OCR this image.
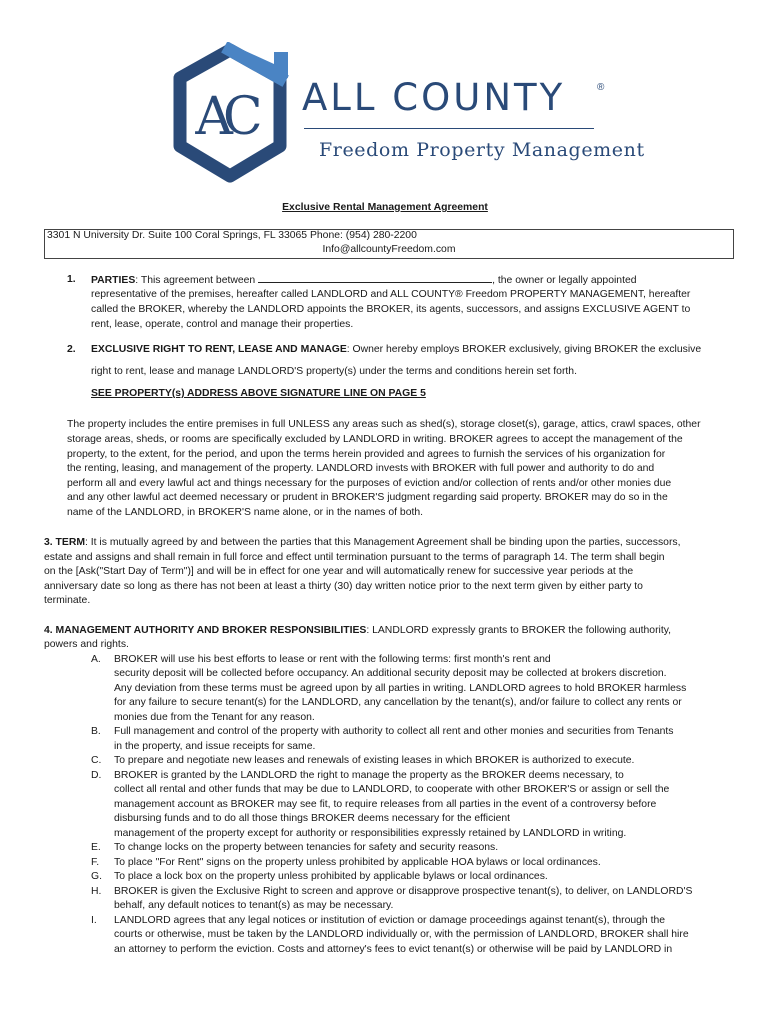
AC ALL COUNTY	®
Freedom Property Management
Exclusive Rental Management Agreement
3301 N University Dr. Suite 100 Coral Springs, FL 33065 Phone: (954) 280-2200
Info@allcountyFreedom.com
1. PARTIES: This agreement between	, the owner or legally appointed
representative of the premises, hereafter called LANDLORD and ALL COUNTY® Freedom PROPERTY MANAGEMENT, hereafter
called the BROKER, whereby the LANDLORD appoints the BROKER, its agents, successors, and assigns EXCLUSIVE AGENT to
rent, lease, operate, control and manage their properties.
2. EXCLUSIVE RIGHT TO RENT, LEASE AND MANAGE: Owner hereby employs BROKER exclusively, giving BROKER the exclusive
right to rent, lease and manage LANDLORD'S property(s) under the terms and conditions herein set forth.
SEE PROPERTY(s) ADDRESS ABOVE SIGNATURE LINE ON PAGE 5
The property includes the entire premises in full UNLESS any areas such as shed(s), storage closet(s), garage, attics, crawl spaces, other
storage areas, sheds, or rooms are specifically excluded by LANDLORD in writing. BROKER agrees to accept the management of the
property, to the extent, for the period, and upon the terms herein provided and agrees to furnish the services of his organization for
the renting, leasing, and management of the property. LANDLORD invests with BROKER with full power and authority to do and
perform all and every lawful act and things necessary for the purposes of eviction and/or collection of rents and/or other monies due
and any other lawful act deemed necessary or prudent in BROKER'S judgment regarding said property. BROKER may do so in the
name of the LANDLORD, in BROKER'S name alone, or in the names of both.
3. TERM: It is mutually agreed by and between the parties that this Management Agreement shall be binding upon the parties, successors,
estate and assigns and shall remain in full force and effect until termination pursuant to the terms of paragraph 14. The term shall begin
on the [Ask("Start Day of Term")] and will be in effect for one year and will automatically renew for successive year periods at the
anniversary date so long as there has not been at least a thirty (30) day written notice prior to the next term given by either party to
terminate.
4. MANAGEMENT AUTHORITY AND BROKER RESPONSIBILITIES: LANDLORD expressly grants to BROKER the following authority,
powers and rights.
A. BROKER will use his best efforts to lease or rent with the following terms: first month's rent and
security deposit will be collected before occupancy. An additional security deposit may be collected at brokers discretion.
Any deviation from these terms must be agreed upon by all parties in writing. LANDLORD agrees to hold BROKER harmless
for any failure to secure tenant(s) for the LANDLORD, any cancellation by the tenant(s), and/or failure to collect any rents or
monies due from the Tenant for any reason.
B. Full management and control of the property with authority to collect all rent and other monies and securities from Tenants
in the property, and issue receipts for same.
C. To prepare and negotiate new leases and renewals of existing leases in which BROKER is authorized to execute.
D. BROKER is granted by the LANDLORD the right to manage the property as the BROKER deems necessary, to
collect all rental and other funds that may be due to LANDLORD, to cooperate with other BROKER'S or assign or sell the
management account as BROKER may see fit, to require releases from all parties in the event of a controversy before
disbursing funds and to do all those things BROKER deems necessary for the efficient
management of the property except for authority or responsibilities expressly retained by LANDLORD in writing.
E. To change locks on the property between tenancies for safety and security reasons.
F. To place "For Rent" signs on the property unless prohibited by applicable HOA bylaws or local ordinances.
G. To place a lock box on the property unless prohibited by applicable bylaws or local ordinances.
H. BROKER is given the Exclusive Right to screen and approve or disapprove prospective tenant(s), to deliver, on LANDLORD'S
behalf, any default notices to tenant(s) as may be necessary.
I. LANDLORD agrees that any legal notices or institution of eviction or damage proceedings against tenant(s), through the
courts or otherwise, must be taken by the LANDLORD individually or, with the permission of LANDLORD, BROKER shall hire
an attorney to perform the eviction. Costs and attorney's fees to evict tenant(s) or otherwise will be paid by LANDLORD in
